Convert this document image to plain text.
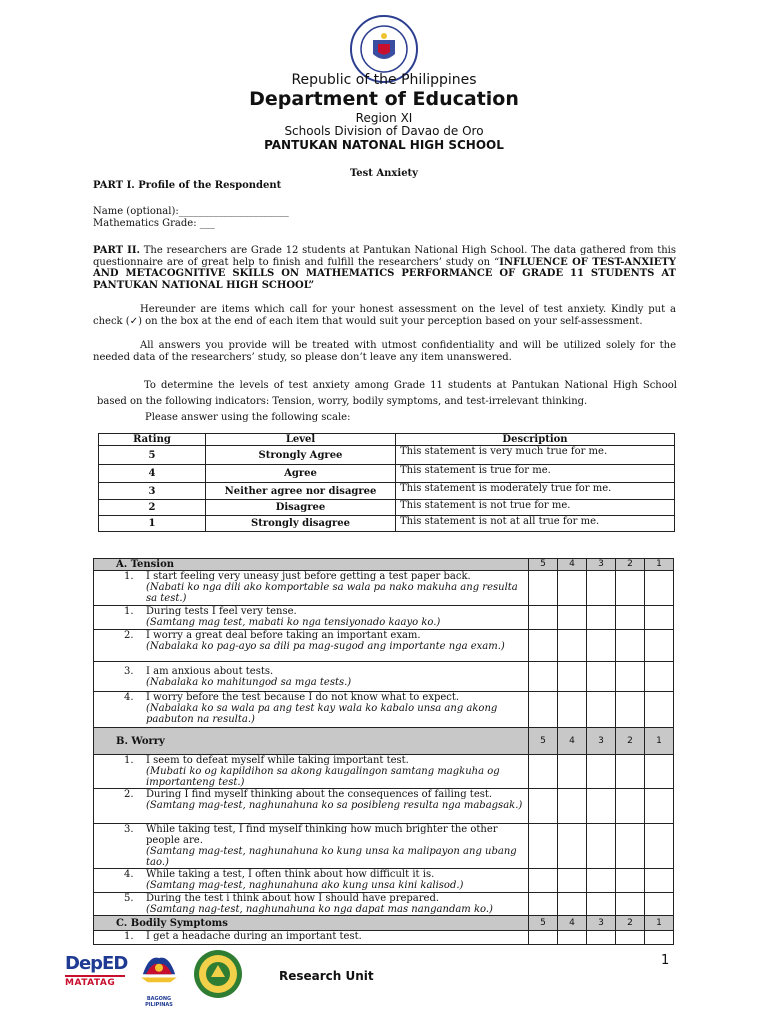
Republic of the Philippines
Department of Education
Region XI
Schools Division of Davao de Oro
PANTUKAN NATONAL HIGH SCHOOL
Test Anxiety
PART I. Profile of the Respondent
Name (optional):______________________
Mathematics Grade: ___
PART II. The researchers are Grade 12 students at Pantukan National High School. The data gathered from this questionnaire are of great help to finish and fulfill the researchers’ study on “INFLUENCE OF TEST-ANXIETY AND METACOGNITIVE SKILLS ON MATHEMATICS PERFORMANCE OF GRADE 11 STUDENTS AT PANTUKAN NATIONAL HIGH SCHOOL”
Hereunder are items which call for your honest assessment on the level of test anxiety. Kindly put a check (✓) on the box at the end of each item that would suit your perception based on your self-assessment.
All answers you provide will be treated with utmost confidentiality and will be utilized solely for the needed data of the researchers’ study, so please don’t leave any item unanswered.
To determine the levels of test anxiety among Grade 11 students at Pantukan National High School based on the following indicators: Tension, worry, bodily symptoms, and test-irrelevant thinking.
Please answer using the following scale:
Rating	Level	Description
5	Strongly Agree	This statement is very much true for me.
4	Agree	This statement is true for me.
3	Neither agree nor disagree	This statement is moderately true for me.
2	Disagree	This statement is not true for me.
1	Strongly disagree	This statement is not at all true for me.
A. Tension	5	4	3	2	1

1. I start feeling very uneasy just before getting a test paper back.
(Nabati ko nga dili ako komportable sa wala pa nako makuha ang resulta sa test.)					

1. During tests I feel very tense.
(Samtang mag test, mabati ko nga tensiyonado kaayo ko.)					

2. I worry a great deal before taking an important exam.
(Nabalaka ko pag-ayo sa dili pa mag-sugod ang importante nga exam.)					

3. I am anxious about tests.
(Nabalaka ko mahitungod sa mga tests.)					

4. I worry before the test because I do not know what to expect.
(Nabalaka ko sa wala pa ang test kay wala ko kabalo unsa ang akong paabuton na resulta.)					

B. Worry	5	4	3	2	1

1. I seem to defeat myself while taking important test.
(Mubati ko og kapildihon sa akong kaugalingon samtang magkuha og importanteng test.)					

2. During I find myself thinking about the consequences of failing test.
(Samtang mag-test, naghunahuna ko sa posibleng resulta nga mabagsak.)					

3. While taking test, I find myself thinking how much brighter the other people are.
(Samtang mag-test, naghunahuna ko kung unsa ka malipayon ang ubang tao.)					

4. While taking a test, I often think about how difficult it is.
(Samtang mag-test, naghunahuna ako kung unsa kini kalisod.)					

5. During the test i think about how I should have prepared.
(Samtang nag-test, naghunahuna ko nga dapat mas nangandam ko.)					

C. Bodily Symptoms	5	4	3	2	1

1. I get a headache during an important test.					

DepED
MATATAG
BAGONG PILIPINAS
Research Unit
1
